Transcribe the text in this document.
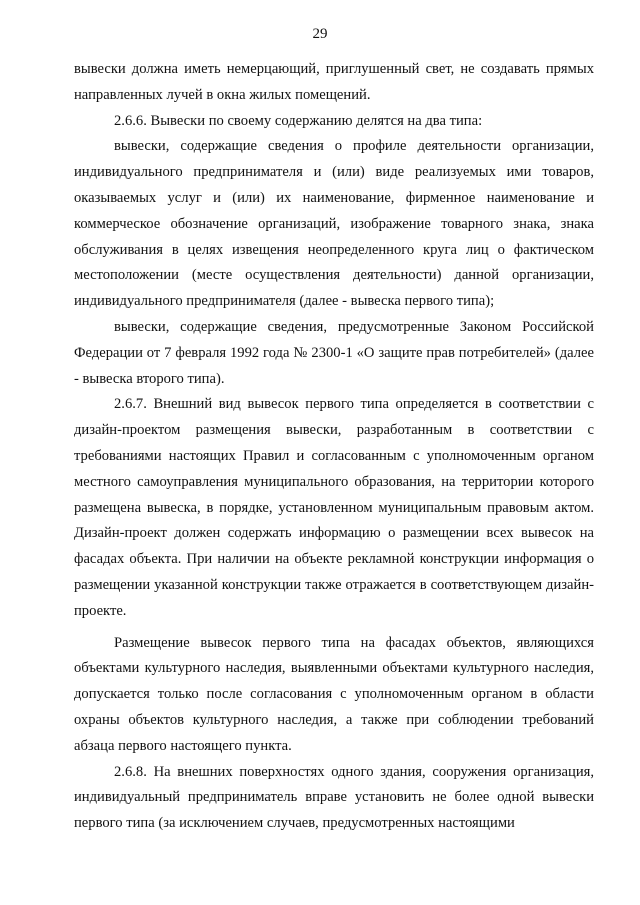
29

вывески должна иметь немерцающий, приглушенный свет, не создавать прямых направленных лучей в окна жилых помещений.

2.6.6. Вывески по своему содержанию делятся на два типа:

вывески, содержащие сведения о профиле деятельности организации, индивидуального предпринимателя и (или) виде реализуемых ими товаров, оказываемых услуг и (или) их наименование, фирменное наименование и коммерческое обозначение организаций, изображение товарного знака, знака обслуживания в целях извещения неопределенного круга лиц о фактическом местоположении (месте осуществления деятельности) данной организации, индивидуального предпринимателя (далее - вывеска первого типа);

вывески, содержащие сведения, предусмотренные Законом Российской Федерации от 7 февраля 1992 года № 2300-1 «О защите прав потребителей» (далее - вывеска второго типа).

2.6.7. Внешний вид вывесок первого типа определяется в соответствии с дизайн-проектом размещения вывески, разработанным в соответствии с требованиями настоящих Правил и согласованным с уполномоченным органом местного самоуправления муниципального образования, на территории которого размещена вывеска, в порядке, установленном муниципальным правовым актом. Дизайн-проект должен содержать информацию о размещении всех вывесок на фасадах объекта. При наличии на объекте рекламной конструкции информация о размещении указанной конструкции также отражается в соответствующем дизайн-проекте.

Размещение вывесок первого типа на фасадах объектов, являющихся объектами культурного наследия, выявленными объектами культурного наследия, допускается только после согласования с уполномоченным органом в области охраны объектов культурного наследия, а также при соблюдении требований абзаца первого настоящего пункта.

2.6.8. На внешних поверхностях одного здания, сооружения организация, индивидуальный предприниматель вправе установить не более одной вывески первого типа (за исключением случаев, предусмотренных настоящими
